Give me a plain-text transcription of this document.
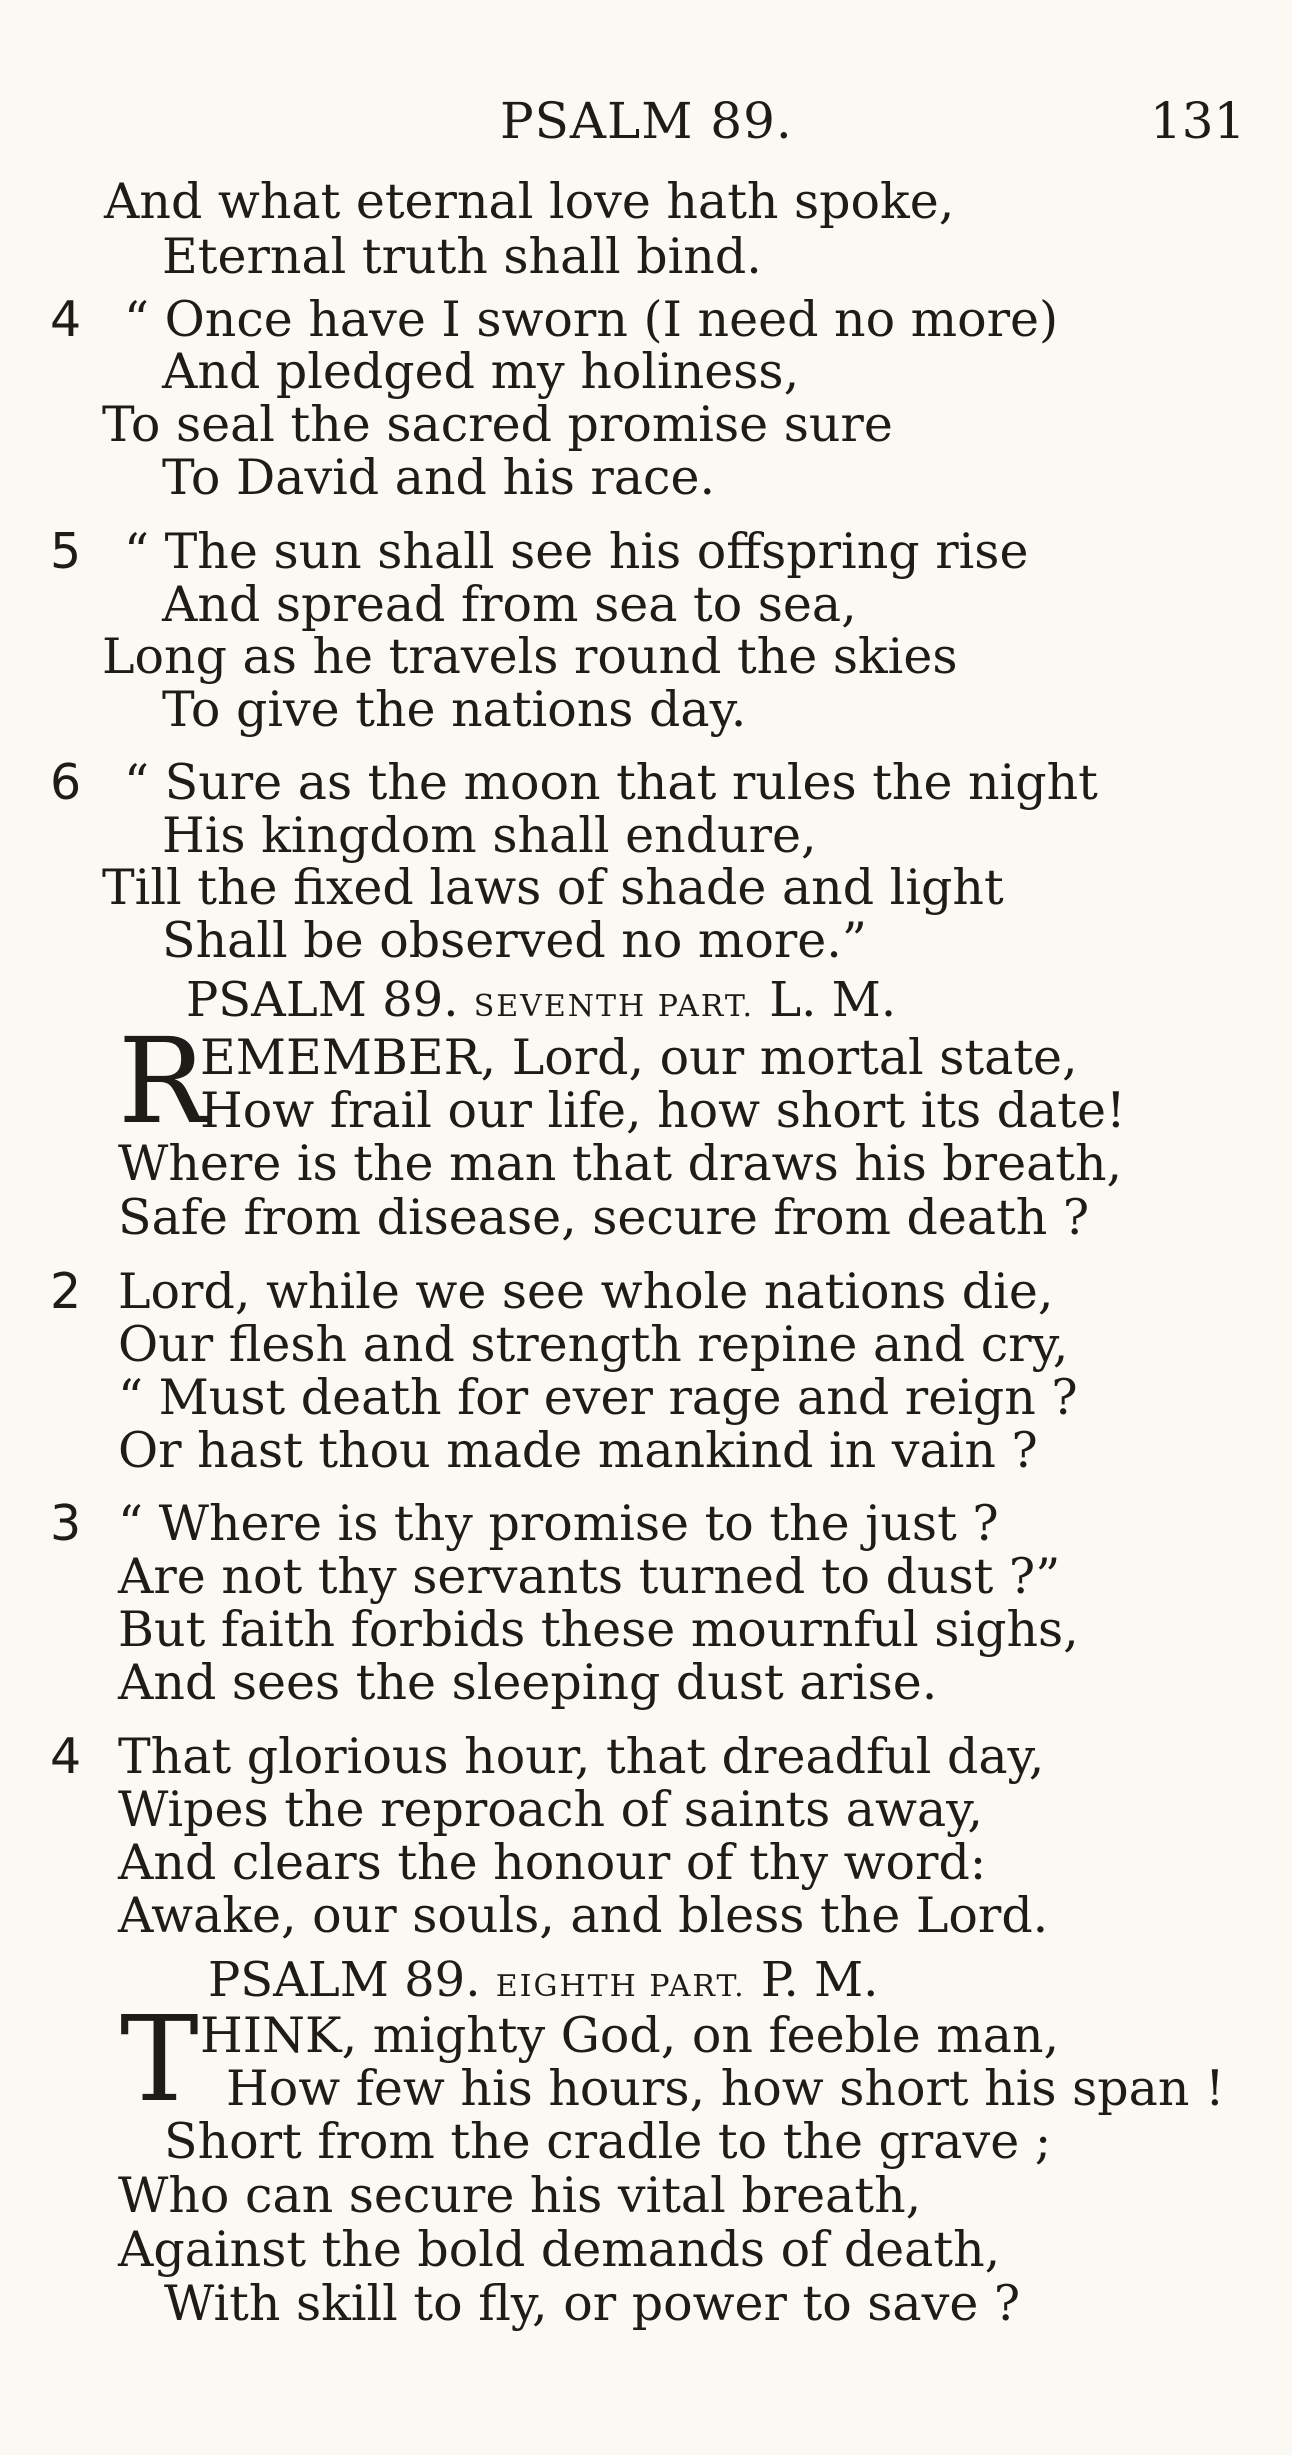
PSALM 89.	131
And what eternal love hath spoke,
Eternal truth shall bind.
4 “ Once have I sworn (I need no more)
And pledged my holiness,
To seal the sacred promise sure
To David and his race.
5 “ The sun shall see his offspring rise
And spread from sea to sea,
Long as he travels round the skies
To give the nations day.
6 “ Sure as the moon that rules the night
His kingdom shall endure,
Till the fixed laws of shade and light
Shall be observed no more.”
PSALM 89. SEVENTH PART. L. M.
R
EMEMBER, Lord, our mortal state,
How frail our life, how short its date!
Where is the man that draws his breath,
Safe from disease, secure from death ?
2 Lord, while we see whole nations die,
Our flesh and strength repine and cry,
“ Must death for ever rage and reign ?
Or hast thou made mankind in vain ?
3 “ Where is thy promise to the just ?
Are not thy servants turned to dust ?”
But faith forbids these mournful sighs,
And sees the sleeping dust arise.
4 That glorious hour, that dreadful day,
Wipes the reproach of saints away,
And clears the honour of thy word:
Awake, our souls, and bless the Lord.
PSALM 89. EIGHTH PART. P. M.
T HINK, mighty God, on feeble man,
How few his hours, how short his span !
Short from the cradle to the grave ;
Who can secure his vital breath,
Against the bold demands of death,
With skill to fly, or power to save ?
